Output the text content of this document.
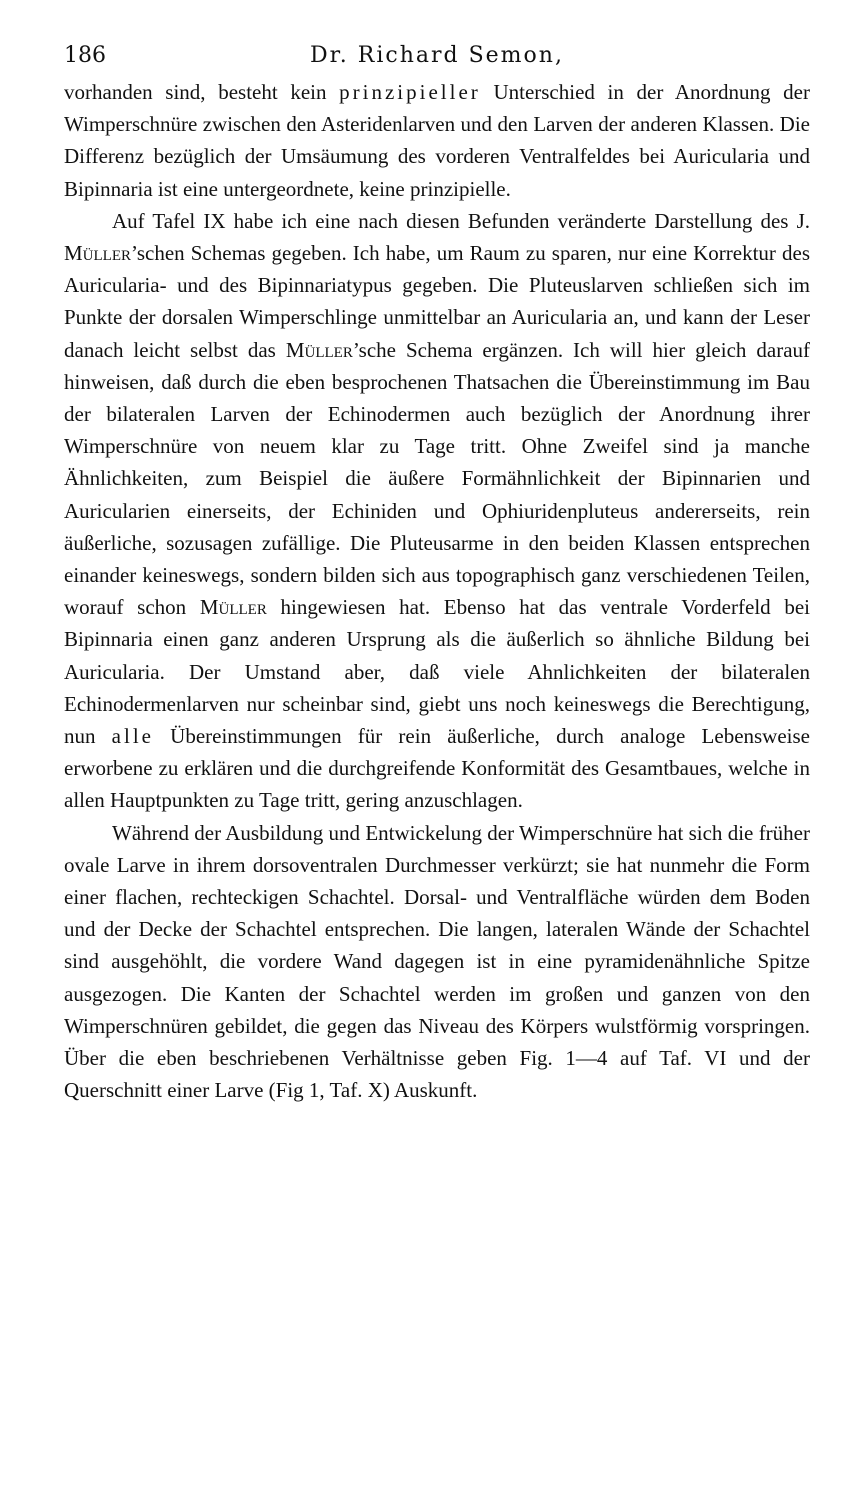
186	Dr. Richard Semon,

vorhanden sind, besteht kein prinzipieller Unterschied in der Anordnung der Wimperschnüre zwischen den Asteridenlarven und den Larven der anderen Klassen. Die Differenz bezüglich der Umsäumung des vorderen Ventralfeldes bei Auricularia und Bipinnaria ist eine untergeordnete, keine prinzipielle.

Auf Tafel IX habe ich eine nach diesen Befunden veränderte Darstellung des J. Müller’schen Schemas gegeben. Ich habe, um Raum zu sparen, nur eine Korrektur des Auricularia- und des Bipinnariatypus gegeben. Die Pluteuslarven schließen sich im Punkte der dorsalen Wimperschlinge unmittelbar an Auricularia an, und kann der Leser danach leicht selbst das Müller’sche Schema ergänzen. Ich will hier gleich darauf hinweisen, daß durch die eben besprochenen Thatsachen die Übereinstimmung im Bau der bilateralen Larven der Echinodermen auch bezüglich der Anordnung ihrer Wimperschnüre von neuem klar zu Tage tritt. Ohne Zweifel sind ja manche Ähnlichkeiten, zum Beispiel die äußere Formähnlichkeit der Bipinnarien und Auricularien einerseits, der Echiniden und Ophiuridenpluteus andererseits, rein äußerliche, sozusagen zufällige. Die Pluteusarme in den beiden Klassen entsprechen einander keineswegs, sondern bilden sich aus topographisch ganz verschiedenen Teilen, worauf schon Müller hingewiesen hat. Ebenso hat das ventrale Vorderfeld bei Bipinnaria einen ganz anderen Ursprung als die äußerlich so ähnliche Bildung bei Auricularia. Der Umstand aber, daß viele Ahnlichkeiten der bilateralen Echinodermenlarven nur scheinbar sind, giebt uns noch keineswegs die Berechtigung, nun alle Übereinstimmungen für rein äußerliche, durch analoge Lebensweise erworbene zu erklären und die durchgreifende Konformität des Gesamtbaues, welche in allen Hauptpunkten zu Tage tritt, gering anzuschlagen.

Während der Ausbildung und Entwickelung der Wimperschnüre hat sich die früher ovale Larve in ihrem dorsoventralen Durchmesser verkürzt; sie hat nunmehr die Form einer flachen, rechteckigen Schachtel. Dorsal- und Ventralfläche würden dem Boden und der Decke der Schachtel entsprechen. Die langen, lateralen Wände der Schachtel sind ausgehöhlt, die vordere Wand dagegen ist in eine pyramidenähnliche Spitze ausgezogen. Die Kanten der Schachtel werden im großen und ganzen von den Wimperschnüren gebildet, die gegen das Niveau des Körpers wulstförmig vorspringen. Über die eben beschriebenen Verhältnisse geben Fig. 1—4 auf Taf. VI und der Querschnitt einer Larve (Fig 1, Taf. X) Auskunft.
